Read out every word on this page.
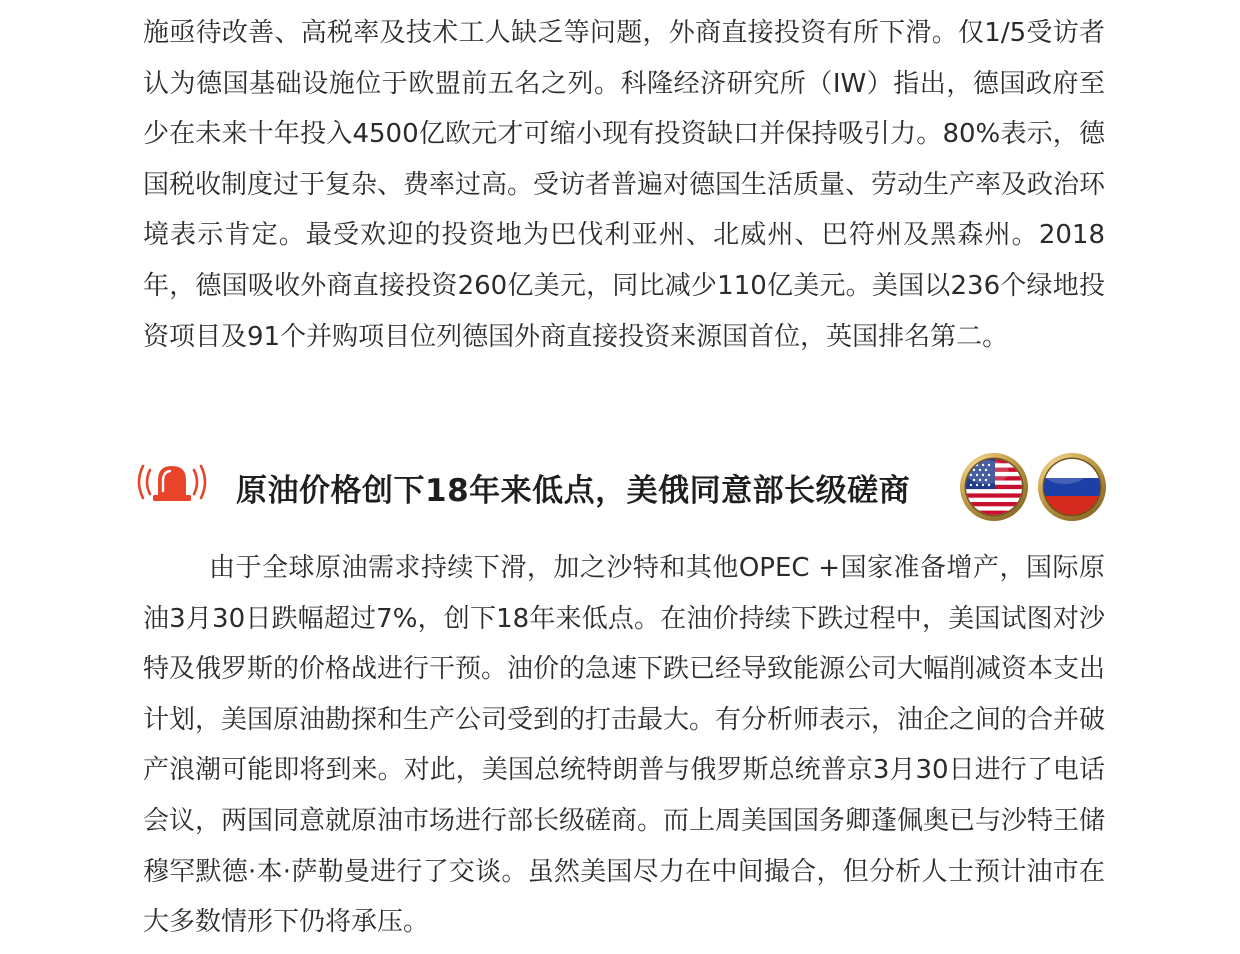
施亟待改善、高税率及技术工人缺乏等问题，外商直接投资有所下滑。仅1/5受访者认为德国基础设施位于欧盟前五名之列。科隆经济研究所（IW）指出，德国政府至少在未来十年投入4500亿欧元才可缩小现有投资缺口并保持吸引力。80%表示，德国税收制度过于复杂、费率过高。受访者普遍对德国生活质量、劳动生产率及政治环境表示肯定。最受欢迎的投资地为巴伐利亚州、北威州、巴符州及黑森州。2018年，德国吸收外商直接投资260亿美元，同比减少110亿美元。美国以236个绿地投资项目及91个并购项目位列德国外商直接投资来源国首位，英国排名第二。

原油价格创下18年来低点，美俄同意部长级磋商

由于全球原油需求持续下滑，加之沙特和其他OPEC +国家准备增产，国际原油3月30日跌幅超过7%，创下18年来低点。在油价持续下跌过程中，美国试图对沙特及俄罗斯的价格战进行干预。油价的急速下跌已经导致能源公司大幅削减资本支出计划，美国原油勘探和生产公司受到的打击最大。有分析师表示，油企之间的合并破产浪潮可能即将到来。对此，美国总统特朗普与俄罗斯总统普京3月30日进行了电话会议，两国同意就原油市场进行部长级磋商。而上周美国国务卿蓬佩奥已与沙特王储穆罕默德·本·萨勒曼进行了交谈。虽然美国尽力在中间撮合，但分析人士预计油市在大多数情形下仍将承压。
